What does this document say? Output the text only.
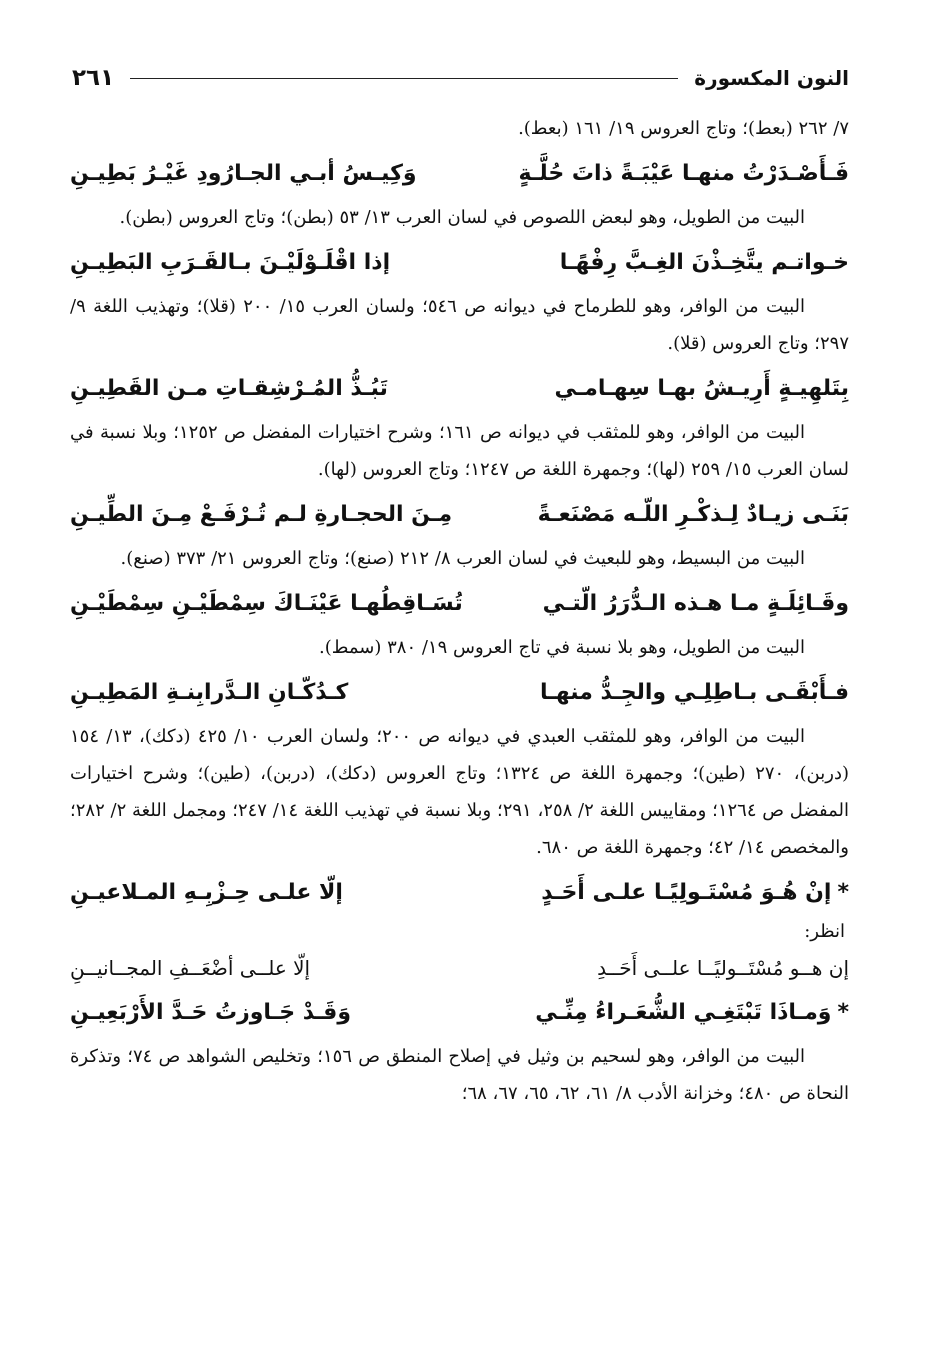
النون المكسورة
٢٦١

٧/ ٢٦٢ (بعط)؛ وتاج العروس ١٩/ ١٦١ (بعط).

فَـأَصْـدَرْتُ منهـا عَيْبَـةً ذاتَ حُلَّـةٍ
وَكِيـسُ أبـي الجـارُودِ غَيْـرُ بَطِيـنِ

البيت من الطويل، وهو لبعض اللصوص في لسان العرب ١٣/ ٥٣ (بطن)؛ وتاج العروس (بطن).

خـواتـم يتَّخِـذْنَ الغِـبَّ رِفْهًـا
إذا اقْلَـوْلَيْـنَ بـالقَـرَبِ البَطِيـنِ

البيت من الوافر، وهو للطرماح في ديوانه ص ٥٤٦؛ ولسان العرب ١٥/ ٢٠٠ (قلا)؛ وتهذيب اللغة ٩/ ٢٩٧؛ وتاج العروس (قلا).

بِتَلهِيـةٍ أَرِيـشُ بهـا سِهـامـي
تَبُـذُّ المُـرْشِقـاتِ مـن القَطِيـنِ

البيت من الوافر، وهو للمثقب في ديوانه ص ١٦١؛ وشرح اختيارات المفضل ص ١٢٥٢؛ وبلا نسبة في لسان العرب ١٥/ ٢٥٩ (لها)؛ وجمهرة اللغة ص ١٢٤٧؛ وتاج العروس (لها).

بَنَـى زيـادٌ لِـذكْـرِ اللّـه مَصْنَعـةً
مِـنَ الحجـارةِ لـم تُـرْفَـعْ مِـنَ الطِّيـنِ

البيت من البسيط، وهو للبعيث في لسان العرب ٨/ ٢١٢ (صنع)؛ وتاج العروس ٢١/ ٣٧٣ (صنع).

وقَـائِلَـةٍ مـا هـذه الـدُّرَرُ الّتـي
تُسَـاقِطُهـا عَيْنَـاكَ سِمْطَيْـنِ سِمْطَيْـنِ

البيت من الطويل، وهو بلا نسبة في تاج العروس ١٩/ ٣٨٠ (سمط).

فـأَبْقَـى بـاطِلِـي والجِـدُّ منهـا
كـدُكّـانِ الـدَّرابِنـةِ المَطِيـنِ

البيت من الوافر، وهو للمثقب العبدي في ديوانه ص ٢٠٠؛ ولسان العرب ١٠/ ٤٢٥ (دكك)، ١٣/ ١٥٤ (دربن)، ٢٧٠ (طين)؛ وجمهرة اللغة ص ١٣٢٤؛ وتاج العروس (دكك)، (دربن)، (طين)؛ وشرح اختيارات المفضل ص ١٢٦٤؛ ومقاييس اللغة ٢/ ٢٥٨، ٢٩١؛ وبلا نسبة في تهذيب اللغة ١٤/ ٢٤٧؛ ومجمل اللغة ٢/ ٢٨٢؛ والمخصص ١٤/ ٤٢؛ وجمهرة اللغة ص ٦٨٠.

*إنْ هُـوَ مُسْتَـولِيًـا علـى أَحَـدٍ
إلّا علـى حِـزْبِـهِ المـلاعيـنِ
انظر:
إن هــو مُسْتَــوليًــا علــى أَحَــدِ
إلّا علــى أضْعَــفِ المجــانيــنِ
*وَمـاذَا تَبْتَغِـي الشُّعَـراءُ مِنِّـي
وَقَـدْ جَـاوزتُ حَـدَّ الأَرْبَعِيـنِ

البيت من الوافر، وهو لسحيم بن وثيل في إصلاح المنطق ص ١٥٦؛ وتخليص الشواهد ص ٧٤؛ وتذكرة النحاة ص ٤٨٠؛ وخزانة الأدب ٨/ ٦١، ٦٢، ٦٥، ٦٧، ٦٨؛
